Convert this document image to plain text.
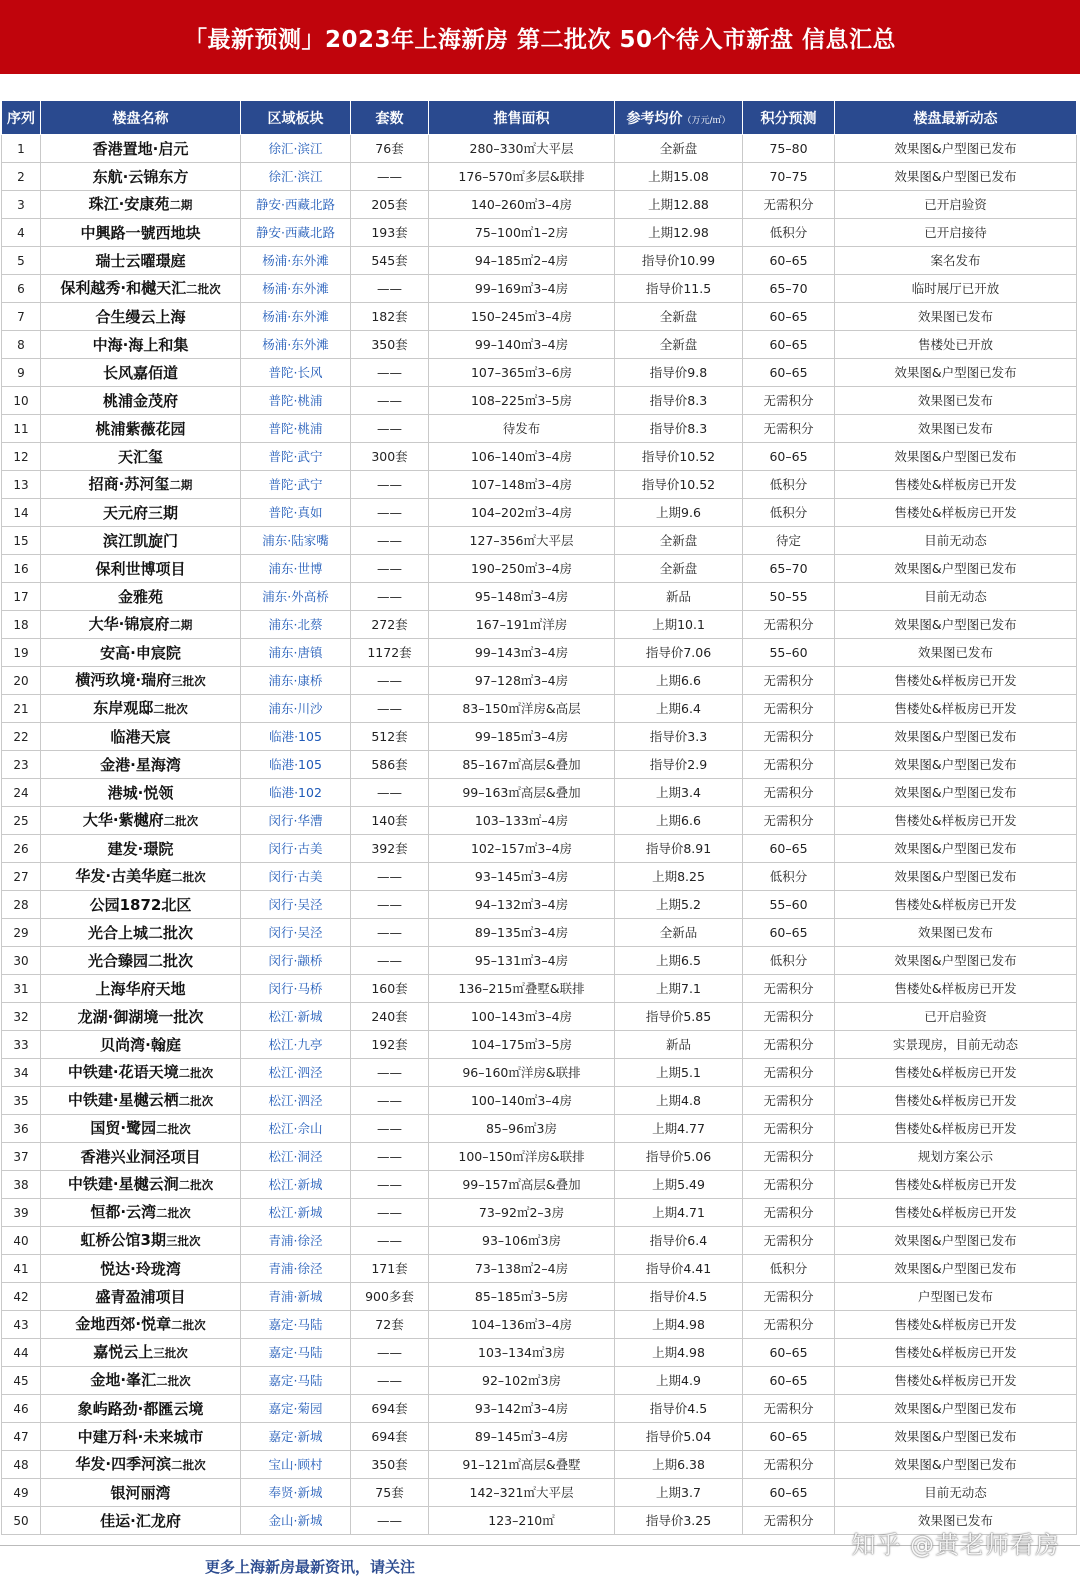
「最新预测」2023年上海新房 第二批次 50个待入市新盘 信息汇总
序列	楼盘名称	区域板块	套数	推售面积	参考均价（万元/㎡）	积分预测	楼盘最新动态
1	香港置地·启元	徐汇·滨江	76套	280–330㎡大平层	全新盘	75–80	效果图&户型图已发布
2	东航·云锦东方	徐汇·滨江	——	176–570㎡多层&联排	上期15.08	70–75	效果图&户型图已发布
3	珠江·安康苑二期	静安·西藏北路	205套	140–260㎡3–4房	上期12.88	无需积分	已开启验资
4	中興路一號西地块	静安·西藏北路	193套	75–100㎡1–2房	上期12.98	低积分	已开启接待
5	瑞士云曜璟庭	杨浦·东外滩	545套	94–185㎡2–4房	指导价10.99	60–65	案名发布
6	保利越秀·和樾天汇二批次	杨浦·东外滩	——	99–169㎡3–4房	指导价11.5	65–70	临时展厅已开放
7	合生缦云上海	杨浦·东外滩	182套	150–245㎡3–4房	全新盘	60–65	效果图已发布
8	中海·海上和集	杨浦·东外滩	350套	99–140㎡3–4房	全新盘	60–65	售楼处已开放
9	长风嘉佰道	普陀·长风	——	107–365㎡3–6房	指导价9.8	60–65	效果图&户型图已发布
10	桃浦金茂府	普陀·桃浦	——	108–225㎡3–5房	指导价8.3	无需积分	效果图已发布
11	桃浦紫薇花园	普陀·桃浦	——	待发布	指导价8.3	无需积分	效果图已发布
12	天汇玺	普陀·武宁	300套	106–140㎡3–4房	指导价10.52	60–65	效果图&户型图已发布
13	招商·苏河玺二期	普陀·武宁	——	107–148㎡3–4房	指导价10.52	低积分	售楼处&样板房已开发
14	天元府三期	普陀·真如	——	104–202㎡3–4房	上期9.6	低积分	售楼处&样板房已开发
15	滨江凯旋门	浦东·陆家嘴	——	127–356㎡大平层	全新盘	待定	目前无动态
16	保利世博项目	浦东·世博	——	190–250㎡3–4房	全新盘	65–70	效果图&户型图已发布
17	金雅苑	浦东·外高桥	——	95–148㎡3–4房	新品	50–55	目前无动态
18	大华·锦宸府二期	浦东·北蔡	272套	167–191㎡洋房	上期10.1	无需积分	效果图&户型图已发布
19	安高·申宸院	浦东·唐镇	1172套	99–143㎡3–4房	指导价7.06	55–60	效果图已发布
20	横沔玖境·瑞府三批次	浦东·康桥	——	97–128㎡3–4房	上期6.6	无需积分	售楼处&样板房已开发
21	东岸观邸二批次	浦东·川沙	——	83–150㎡洋房&高层	上期6.4	无需积分	售楼处&样板房已开发
22	临港天宸	临港·105	512套	99–185㎡3–4房	指导价3.3	无需积分	效果图&户型图已发布
23	金港·星海湾	临港·105	586套	85–167㎡高层&叠加	指导价2.9	无需积分	效果图&户型图已发布
24	港城·悦领	临港·102	——	99–163㎡高层&叠加	上期3.4	无需积分	效果图&户型图已发布
25	大华·紫樾府二批次	闵行·华漕	140套	103–133㎡–4房	上期6.6	无需积分	售楼处&样板房已开发
26	建发·璟院	闵行·古美	392套	102–157㎡3–4房	指导价8.91	60–65	效果图&户型图已发布
27	华发·古美华庭二批次	闵行·古美	——	93–145㎡3–4房	上期8.25	低积分	效果图&户型图已发布
28	公园1872北区	闵行·吴泾	——	94–132㎡3–4房	上期5.2	55–60	售楼处&样板房已开发
29	光合上城二批次	闵行·吴泾	——	89–135㎡3–4房	全新品	60–65	效果图已发布
30	光合臻园二批次	闵行·颛桥	——	95–131㎡3–4房	上期6.5	低积分	效果图&户型图已发布
31	上海华府天地	闵行·马桥	160套	136–215㎡叠墅&联排	上期7.1	无需积分	售楼处&样板房已开发
32	龙湖·御湖境一批次	松江·新城	240套	100–143㎡3–4房	指导价5.85	无需积分	已开启验资
33	贝尚湾·翰庭	松江·九亭	192套	104–175㎡3–5房	新品	无需积分	实景现房，目前无动态
34	中铁建·花语天境二批次	松江·泗泾	——	96–160㎡洋房&联排	上期5.1	无需积分	售楼处&样板房已开发
35	中铁建·星樾云栖二批次	松江·泗泾	——	100–140㎡3–4房	上期4.8	无需积分	售楼处&样板房已开发
36	国贸·鹭园二批次	松江·佘山	——	85–96㎡3房	上期4.77	无需积分	售楼处&样板房已开发
37	香港兴业洞泾项目	松江·洞泾	——	100–150㎡洋房&联排	指导价5.06	无需积分	规划方案公示
38	中铁建·星樾云涧二批次	松江·新城	——	99–157㎡高层&叠加	上期5.49	无需积分	售楼处&样板房已开发
39	恒都·云湾二批次	松江·新城	——	73–92㎡2–3房	上期4.71	无需积分	售楼处&样板房已开发
40	虹桥公馆3期三批次	青浦·徐泾	——	93–106㎡3房	指导价6.4	无需积分	效果图&户型图已发布
41	悦达·玲珑湾	青浦·徐泾	171套	73–138㎡2–4房	指导价4.41	低积分	效果图&户型图已发布
42	盛青盈浦项目	青浦·新城	900多套	85–185㎡3–5房	指导价4.5	无需积分	户型图已发布
43	金地西郊·悦章二批次	嘉定·马陆	72套	104–136㎡3–4房	上期4.98	无需积分	售楼处&样板房已开发
44	嘉悦云上三批次	嘉定·马陆	——	103–134㎡3房	上期4.98	60–65	售楼处&样板房已开发
45	金地·峯汇二批次	嘉定·马陆	——	92–102㎡3房	上期4.9	60–65	售楼处&样板房已开发
46	象屿路劲·都匯云境	嘉定·菊园	694套	93–142㎡3–4房	指导价4.5	无需积分	效果图&户型图已发布
47	中建万科·未来城市	嘉定·新城	694套	89–145㎡3–4房	指导价5.04	60–65	效果图&户型图已发布
48	华发·四季河滨二批次	宝山·顾村	350套	91–121㎡高层&叠墅	上期6.38	无需积分	效果图&户型图已发布
49	银河丽湾	奉贤·新城	75套	142–321㎡大平层	上期3.7	60–65	目前无动态
50	佳运·汇龙府	金山·新城	——	123–210㎡	指导价3.25	无需积分	效果图已发布
更多上海新房最新资讯，请关注
知乎 @黄老师看房
